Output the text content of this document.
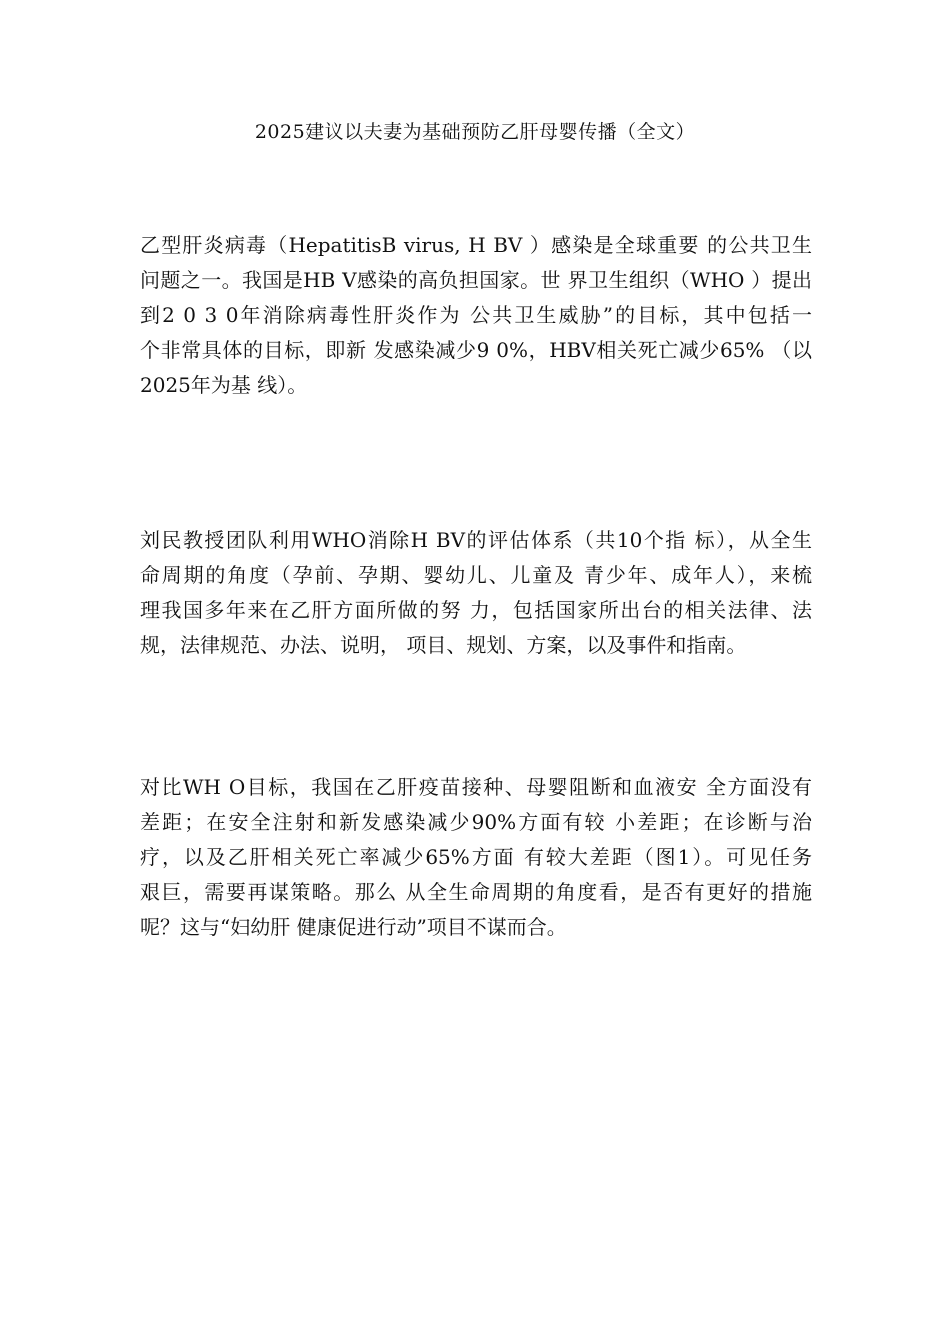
2025建议以夫妻为基础预防乙肝母婴传播（全文）

乙型肝炎病毒（HepatitisB virus, H BV ）感染是全球重要 的公共卫生
问题之一。我国是HB V感染的高负担国家。世 界卫生组织（WHO ）提出
到2 0 3 0年消除病毒性肝炎作为 公共卫生威胁”的目标，其中包括一
个非常具体的目标，即新 发感染减少9 0%，HBV相关死亡减少65% （以
2025年为基 线）。

刘民教授团队利用WHO消除H BV的评估体系（共10个指 标），从全生
命周期的角度（孕前、孕期、婴幼儿、儿童及 青少年、成年人），来梳
理我国多年来在乙肝方面所做的努 力，包括国家所出台的相关法律、法
规，法律规范、办法、说明， 项目、规划、方案，以及事件和指南。

对比WH O目标，我国在乙肝疫苗接种、母婴阻断和血液安 全方面没有
差距；在安全注射和新发感染减少90%方面有较 小差距；在诊断与治
疗，以及乙肝相关死亡率减少65%方面 有较大差距（图1）。可见任务
艰巨，需要再谋策略。那么 从全生命周期的角度看，是否有更好的措施
呢？这与“妇幼肝 健康促进行动”项目不谋而合。
